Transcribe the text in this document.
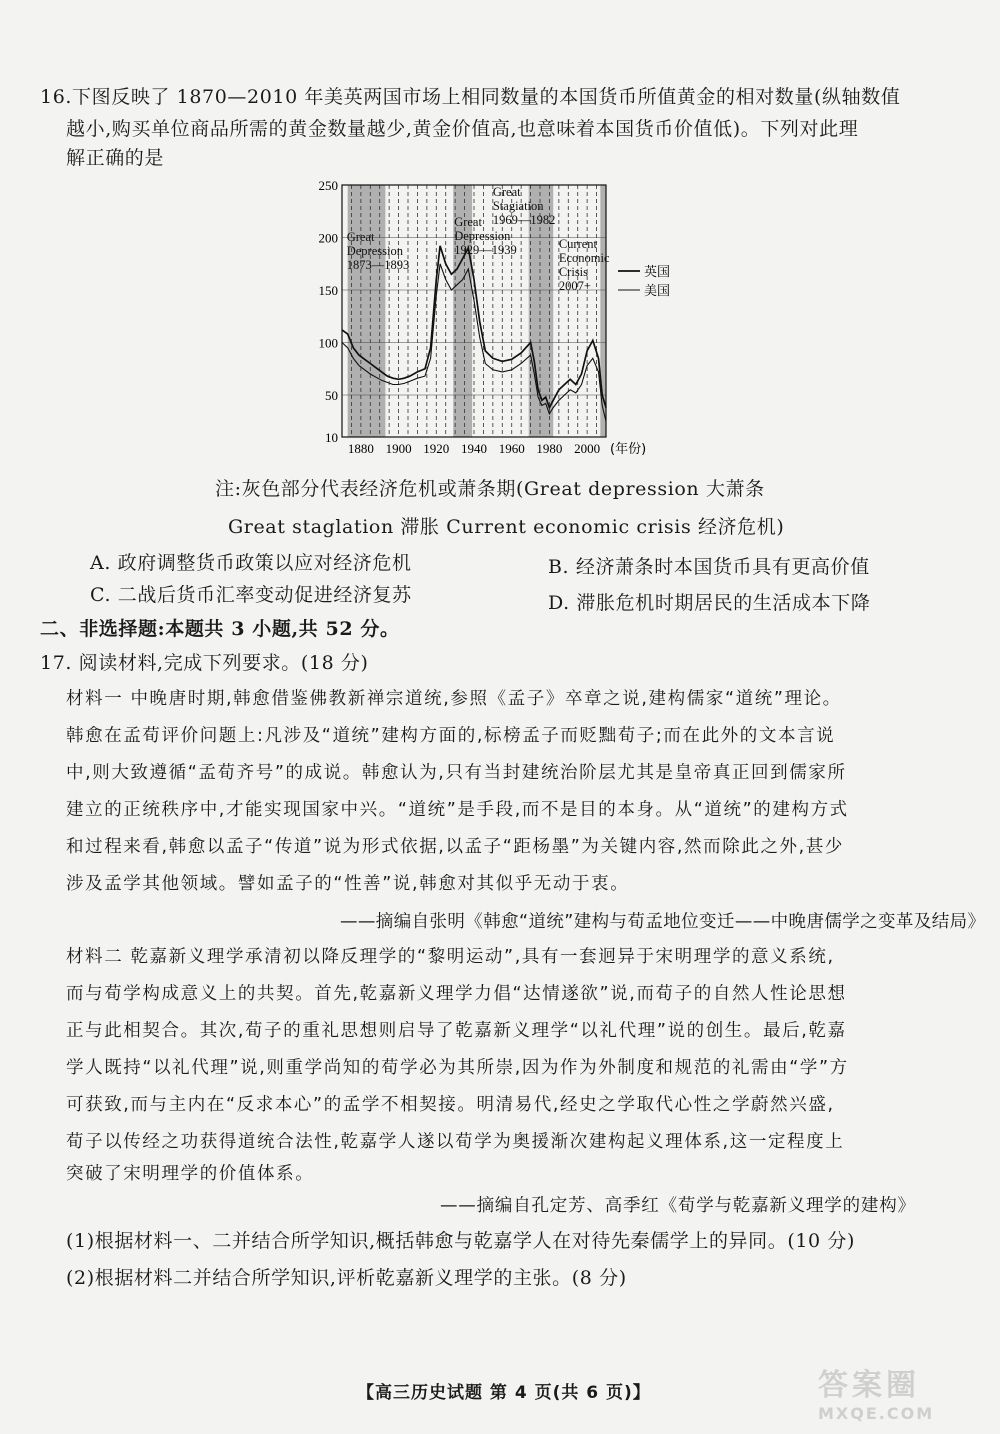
16.下图反映了 1870—2010 年美英两国市场上相同数量的本国货币所值黄金的相对数量(纵轴数值
越小,购买单位商品所需的黄金数量越少,黄金价值高,也意味着本国货币价值低)。下列对此理
解正确的是
250
200
150
100
50
10
1880 1900 1920 1940 1960 1980 2000 (年份)
Great
Depression
1873—1893
Great
Depression
1929—1939
Great
Stagiation
1969—1982
Current
Economic
Crisis
2007+
英国
美国
注:灰色部分代表经济危机或萧条期(Great depression 大萧条
Great staglation 滞胀 Current economic crisis 经济危机)
A. 政府调整货币政策以应对经济危机	B. 经济萧条时本国货币具有更高价值
C. 二战后货币汇率变动促进经济复苏	D. 滞胀危机时期居民的生活成本下降
二、非选择题:本题共 3 小题,共 52 分。
17. 阅读材料,完成下列要求。(18 分)
材料一 中晚唐时期,韩愈借鉴佛教新禅宗道统,参照《孟子》卒章之说,建构儒家“道统”理论。
韩愈在孟荀评价问题上:凡涉及“道统”建构方面的,标榜孟子而贬黜荀子;而在此外的文本言说
中,则大致遵循“孟荀齐号”的成说。韩愈认为,只有当封建统治阶层尤其是皇帝真正回到儒家所
建立的正统秩序中,才能实现国家中兴。“道统”是手段,而不是目的本身。从“道统”的建构方式
和过程来看,韩愈以孟子“传道”说为形式依据,以孟子“距杨墨”为关键内容,然而除此之外,甚少
涉及孟学其他领域。譬如孟子的“性善”说,韩愈对其似乎无动于衷。
——摘编自张明《韩愈“道统”建构与荀孟地位变迁——中晚唐儒学之变革及结局》
材料二 乾嘉新义理学承清初以降反理学的“黎明运动”,具有一套迥异于宋明理学的意义系统,
而与荀学构成意义上的共契。首先,乾嘉新义理学力倡“达情遂欲”说,而荀子的自然人性论思想
正与此相契合。其次,荀子的重礼思想则启导了乾嘉新义理学“以礼代理”说的创生。最后,乾嘉
学人既持“以礼代理”说,则重学尚知的荀学必为其所崇,因为作为外制度和规范的礼需由“学”方
可获致,而与主内在“反求本心”的孟学不相契接。明清易代,经史之学取代心性之学蔚然兴盛,
荀子以传经之功获得道统合法性,乾嘉学人遂以荀学为奥援渐次建构起义理体系,这一定程度上
突破了宋明理学的价值体系。
——摘编自孔定芳、高季红《荀学与乾嘉新义理学的建构》
(1)根据材料一、二并结合所学知识,概括韩愈与乾嘉学人在对待先秦儒学上的异同。(10 分)
(2)根据材料二并结合所学知识,评析乾嘉新义理学的主张。(8 分)
【高三历史试题 第 4 页(共 6 页)】	答案圈
MXQE.COM
